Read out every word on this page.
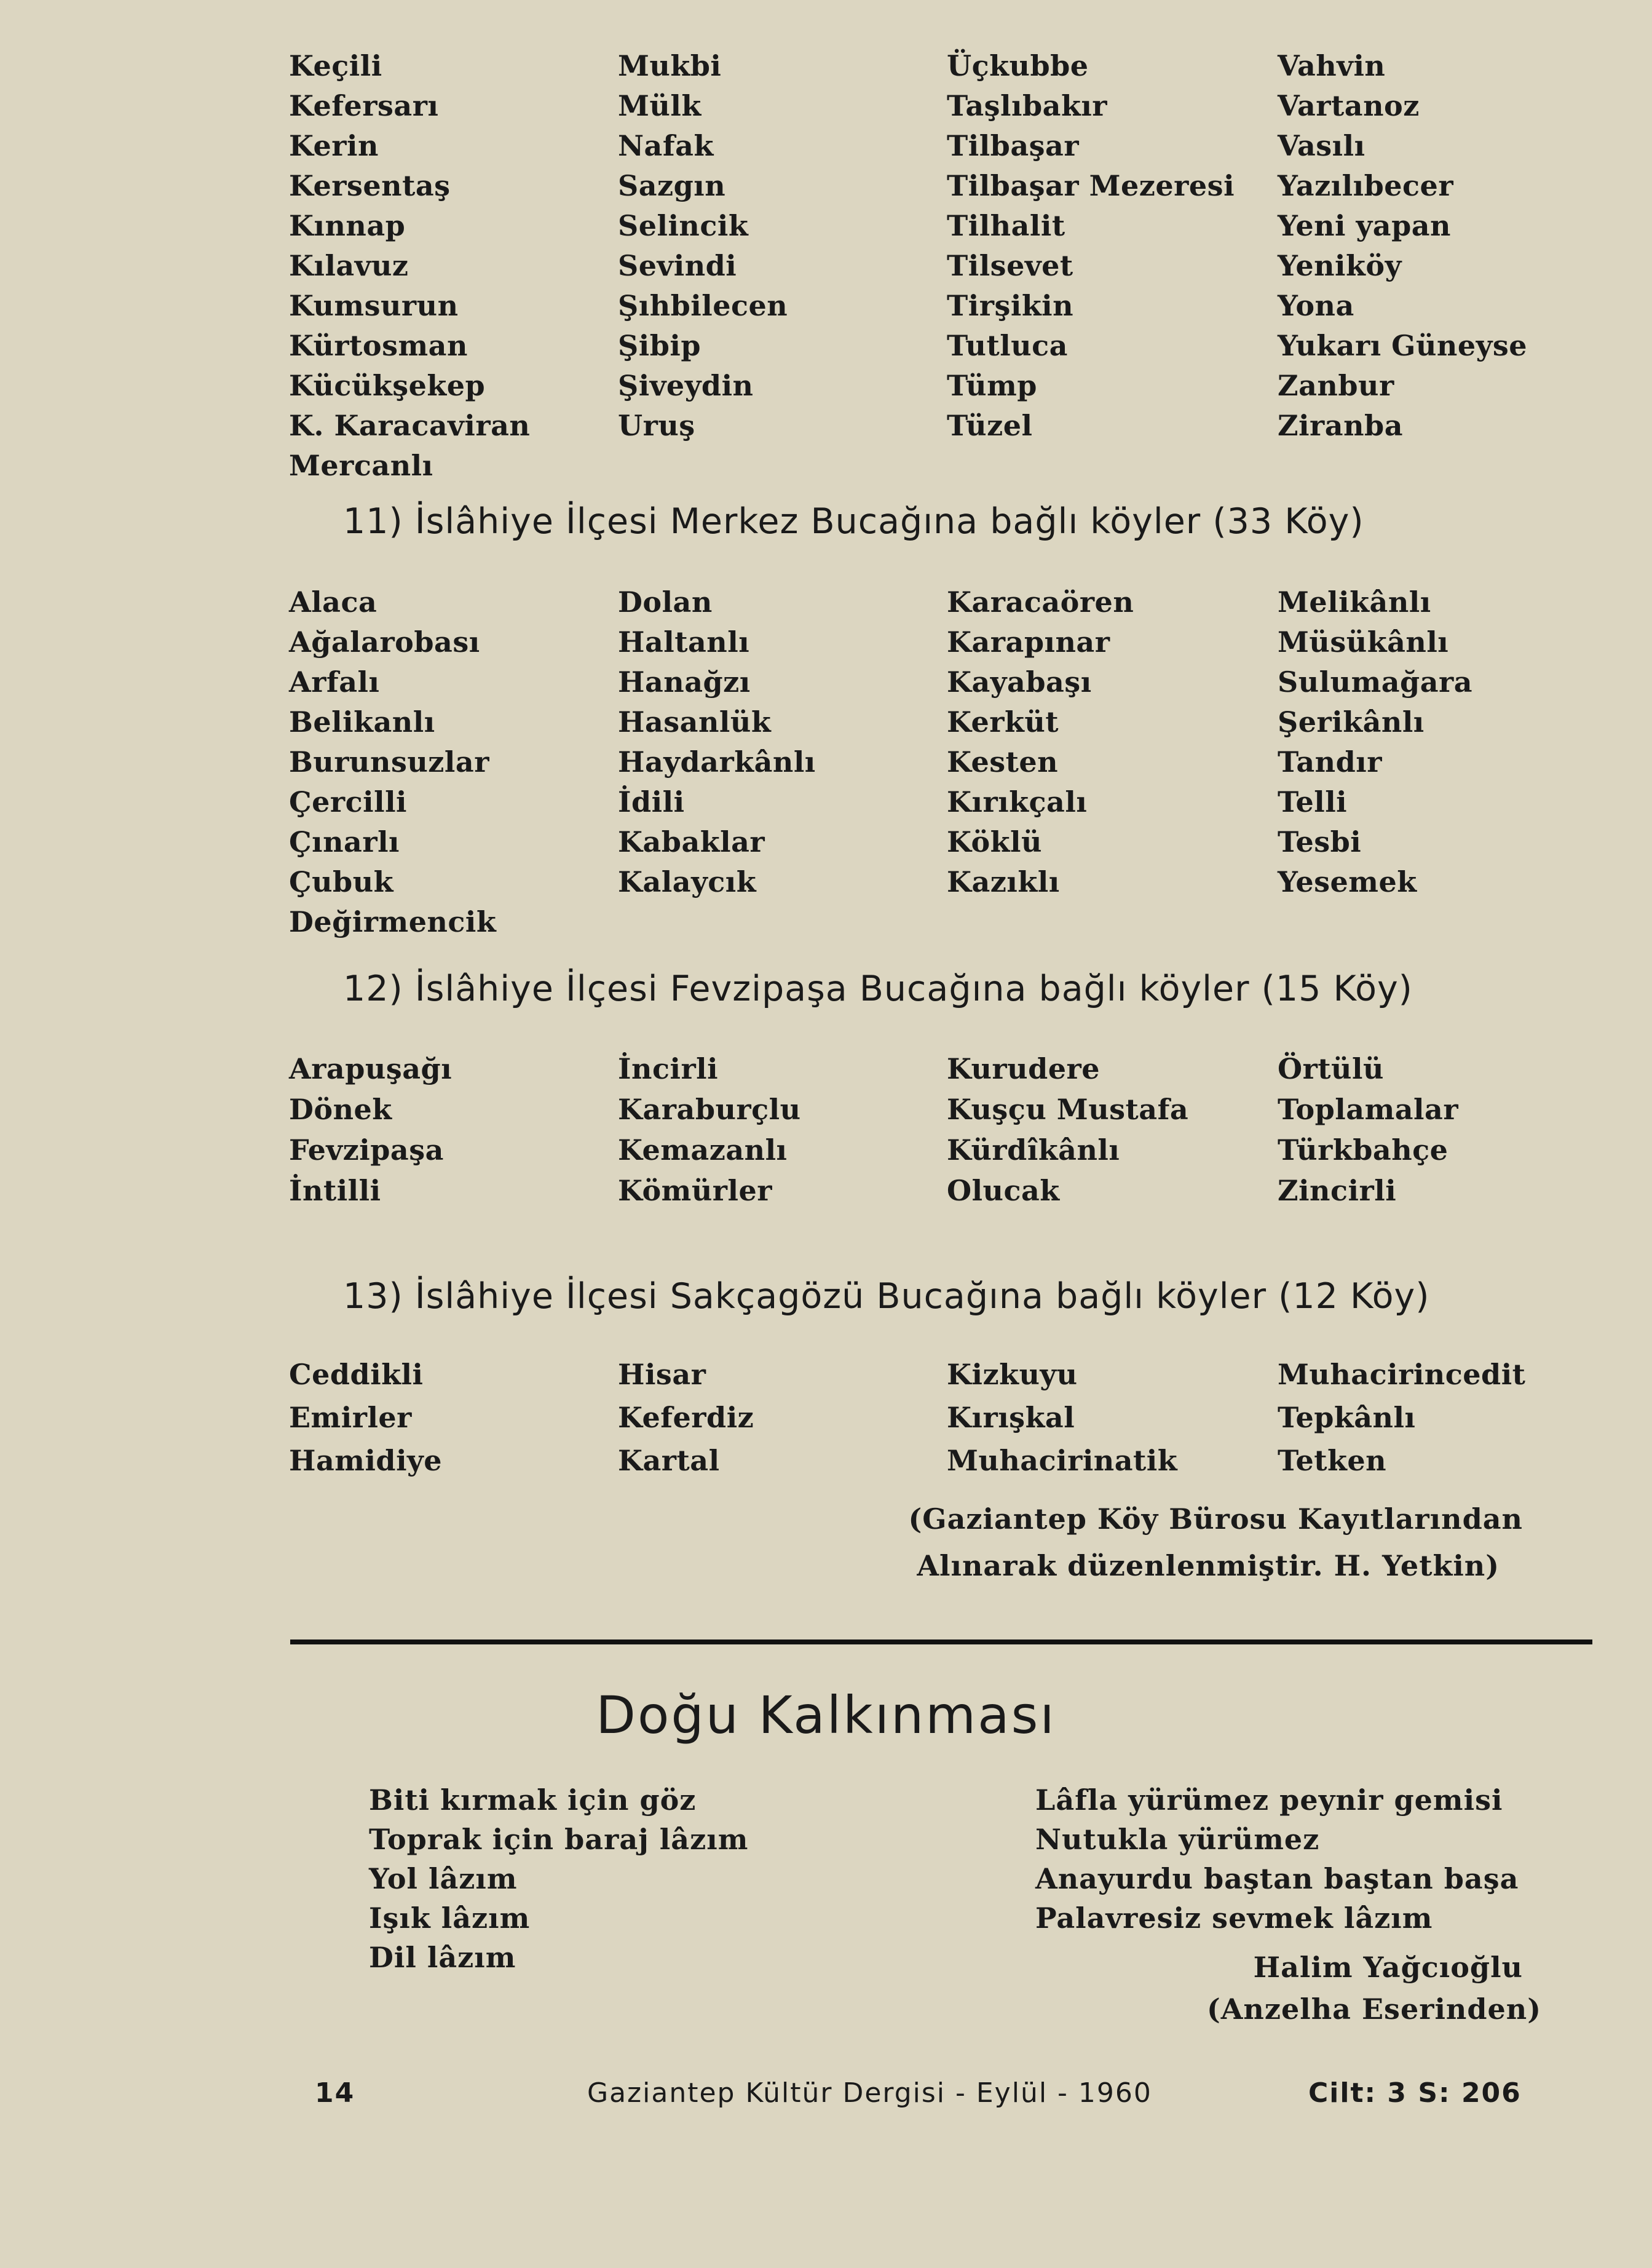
Keçili
Kefersarı
Kerin
Kersentaş
Kınnap
Kılavuz
Kumsurun
Kürtosman
Kücükşekep
K. Karacaviran
Mercanlı
Mukbi
Mülk
Nafak
Sazgın
Selincik
Sevindi
Şıhbilecen
Şibip
Şiveydin
Uruş
Üçkubbe
Taşlıbakır
Tilbaşar
Tilbaşar Mezeresi
Tilhalit
Tilsevet
Tirşikin
Tutluca
Tümp
Tüzel
Vahvin
Vartanoz
Vasılı
Yazılıbecer
Yeni yapan
Yeniköy
Yona
Yukarı Güneyse
Zanbur
Ziranba
11) İslâhiye İlçesi Merkez Bucağına bağlı köyler (33 Köy)
Alaca
Ağalarobası
Arfalı
Belikanlı
Burunsuzlar
Çercilli
Çınarlı
Çubuk
Değirmencik
Dolan
Haltanlı
Hanağzı
Hasanlük
Haydarkânlı
İdili
Kabaklar
Kalaycık
Karacaören
Karapınar
Kayabaşı
Kerküt
Kesten
Kırıkçalı
Köklü
Kazıklı
Melikânlı
Müsükânlı
Sulumağara
Şerikânlı
Tandır
Telli
Tesbi
Yesemek
12) İslâhiye İlçesi Fevzipaşa Bucağına bağlı köyler (15 Köy)
Arapuşağı
Dönek
Fevzipaşa
İntilli
İncirli
Karaburçlu
Kemazanlı
Kömürler
Kurudere
Kuşçu Mustafa
Kürdîkânlı
Olucak
Örtülü
Toplamalar
Türkbahçe
Zincirli
13) İslâhiye İlçesi Sakçagözü Bucağına bağlı köyler (12 Köy)
Ceddikli
Emirler
Hamidiye
Hisar
Keferdiz
Kartal
Kizkuyu
Kırışkal
Muhacirinatik
Muhacirincedit
Tepkânlı
Tetken
(Gaziantep Köy Bürosu Kayıtlarından
Alınarak düzenlenmiştir. H. Yetkin)
Doğu Kalkınması
Biti kırmak için göz
Toprak için baraj lâzım
Yol lâzım
Işık lâzım
Dil lâzım
Lâfla yürümez peynir gemisi
Nutukla yürümez
Anayurdu baştan baştan başa
Palavresiz sevmek lâzım
Halim Yağcıoğlu
(Anzelha Eserinden)
14	Gaziantep Kültür Dergisi - Eylül - 1960	Cilt: 3 S: 206
